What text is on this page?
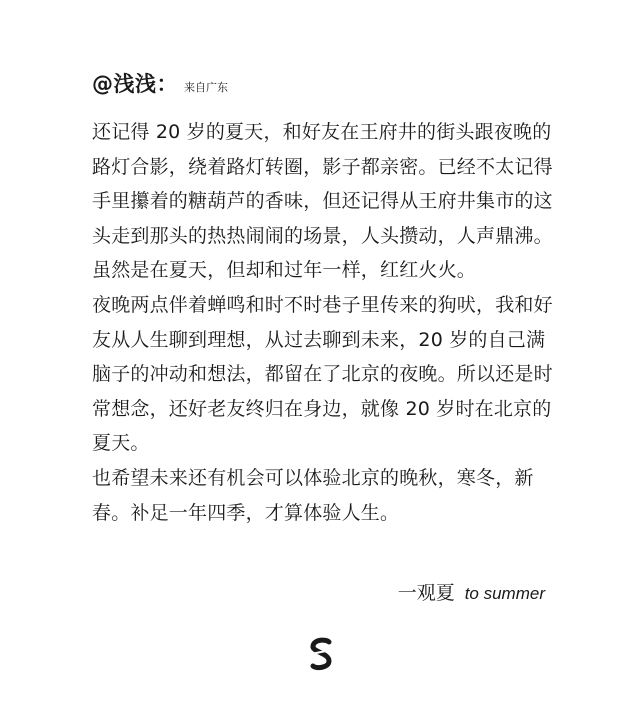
@浅浅： 来自广东

还记得 20 岁的夏天，和好友在王府井的街头跟夜晚的路灯合影，绕着路灯转圈，影子都亲密。已经不太记得手里攥着的糖葫芦的香味，但还记得从王府井集市的这头走到那头的热热闹闹的场景，人头攒动，人声鼎沸。虽然是在夏天，但却和过年一样，红红火火。

夜晚两点伴着蝉鸣和时不时巷子里传来的狗吠，我和好友从人生聊到理想，从过去聊到未来，20 岁的自己满脑子的冲动和想法，都留在了北京的夜晚。所以还是时常想念，还好老友终归在身边，就像 20 岁时在北京的夏天。

也希望未来还有机会可以体验北京的晚秋，寒冬，新春。补足一年四季，才算体验人生。

一观夏 to summer
